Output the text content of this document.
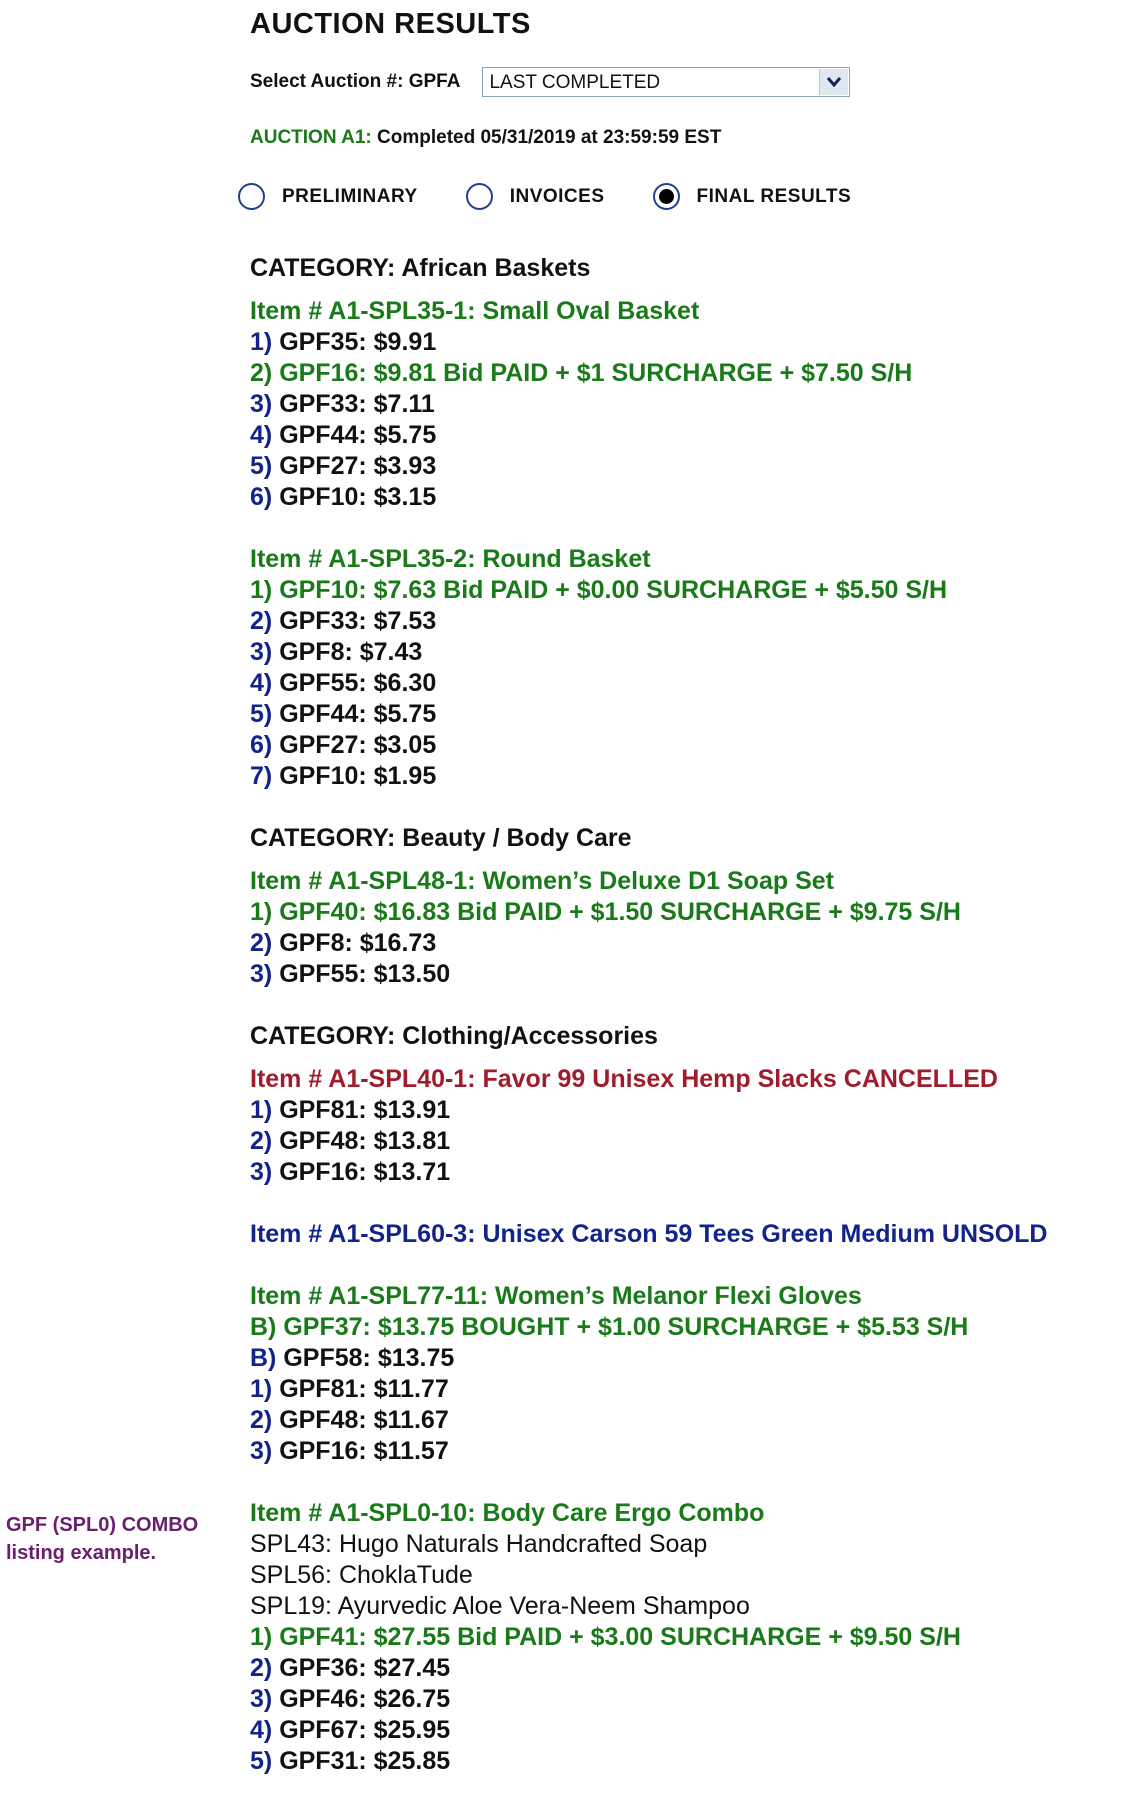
AUCTION RESULTS
Select Auction #: GPFA LAST COMPLETED
AUCTION A1: Completed 05/31/2019 at 23:59:59 EST
PRELIMINARY	INVOICES	FINAL RESULTS
CATEGORY: African Baskets
Item # A1-SPL35-1: Small Oval Basket
1) GPF35: $9.91
2) GPF16: $9.81 Bid PAID + $1 SURCHARGE + $7.50 S/H
3) GPF33: $7.11
4) GPF44: $5.75
5) GPF27: $3.93
6) GPF10: $3.15
Item # A1-SPL35-2: Round Basket
1) GPF10: $7.63 Bid PAID + $0.00 SURCHARGE + $5.50 S/H
2) GPF33: $7.53
3) GPF8: $7.43
4) GPF55: $6.30
5) GPF44: $5.75
6) GPF27: $3.05
7) GPF10: $1.95
CATEGORY: Beauty / Body Care
Item # A1-SPL48-1: Women’s Deluxe D1 Soap Set
1) GPF40: $16.83 Bid PAID + $1.50 SURCHARGE + $9.75 S/H
2) GPF8: $16.73
3) GPF55: $13.50
CATEGORY: Clothing/Accessories
Item # A1-SPL40-1: Favor 99 Unisex Hemp Slacks CANCELLED
1) GPF81: $13.91
2) GPF48: $13.81
3) GPF16: $13.71
Item # A1-SPL60-3: Unisex Carson 59 Tees Green Medium UNSOLD
Item # A1-SPL77-11: Women’s Melanor Flexi Gloves
B) GPF37: $13.75 BOUGHT + $1.00 SURCHARGE + $5.53 S/H
B) GPF58: $13.75
1) GPF81: $11.77
2) GPF48: $11.67
3) GPF16: $11.57
Item # A1-SPL0-10: Body Care Ergo Combo
SPL43: Hugo Naturals Handcrafted Soap
SPL56: ChoklaTude
SPL19: Ayurvedic Aloe Vera-Neem Shampoo
1) GPF41: $27.55 Bid PAID + $3.00 SURCHARGE + $9.50 S/H
2) GPF36: $27.45
3) GPF46: $26.75
4) GPF67: $25.95
5) GPF31: $25.85
GPF (SPL0) COMBO
listing example.
